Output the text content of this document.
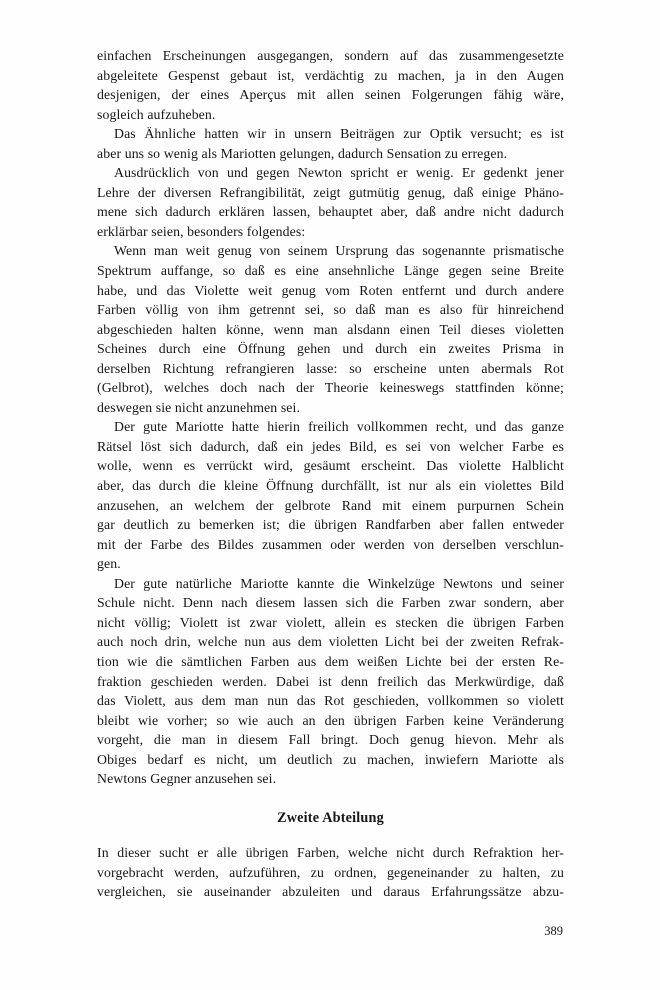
einfachen Erscheinungen ausgegangen, sondern auf das zusammengesetzte
abgeleitete Gespenst gebaut ist, verdächtig zu machen, ja in den Augen
desjenigen, der eines Aperçus mit allen seinen Folgerungen fähig wäre,
sogleich aufzuheben.

Das Ähnliche hatten wir in unsern Beiträgen zur Optik versucht; es ist
aber uns so wenig als Mariotten gelungen, dadurch Sensation zu erregen.

Ausdrücklich von und gegen Newton spricht er wenig. Er gedenkt jener
Lehre der diversen Refrangibilität, zeigt gutmütig genug, daß einige Phäno-
mene sich dadurch erklären lassen, behauptet aber, daß andre nicht dadurch
erklärbar seien, besonders folgendes:

Wenn man weit genug von seinem Ursprung das sogenannte prismatische
Spektrum auffange, so daß es eine ansehnliche Länge gegen seine Breite
habe, und das Violette weit genug vom Roten entfernt und durch andere
Farben völlig von ihm getrennt sei, so daß man es also für hinreichend
abgeschieden halten könne, wenn man alsdann einen Teil dieses violetten
Scheines durch eine Öffnung gehen und durch ein zweites Prisma in
derselben Richtung refrangieren lasse: so erscheine unten abermals Rot
(Gelbrot), welches doch nach der Theorie keineswegs stattfinden könne;
deswegen sie nicht anzunehmen sei.

Der gute Mariotte hatte hierin freilich vollkommen recht, und das ganze
Rätsel löst sich dadurch, daß ein jedes Bild, es sei von welcher Farbe es
wolle, wenn es verrückt wird, gesäumt erscheint. Das violette Halblicht
aber, das durch die kleine Öffnung durchfällt, ist nur als ein violettes Bild
anzusehen, an welchem der gelbrote Rand mit einem purpurnen Schein
gar deutlich zu bemerken ist; die übrigen Randfarben aber fallen entweder
mit der Farbe des Bildes zusammen oder werden von derselben verschlun-
gen.

Der gute natürliche Mariotte kannte die Winkelzüge Newtons und seiner
Schule nicht. Denn nach diesem lassen sich die Farben zwar sondern, aber
nicht völlig; Violett ist zwar violett, allein es stecken die übrigen Farben
auch noch drin, welche nun aus dem violetten Licht bei der zweiten Refrak-
tion wie die sämtlichen Farben aus dem weißen Lichte bei der ersten Re-
fraktion geschieden werden. Dabei ist denn freilich das Merkwürdige, daß
das Violett, aus dem man nun das Rot geschieden, vollkommen so violett
bleibt wie vorher; so wie auch an den übrigen Farben keine Veränderung
vorgeht, die man in diesem Fall bringt. Doch genug hievon. Mehr als
Obiges bedarf es nicht, um deutlich zu machen, inwiefern Mariotte als
Newtons Gegner anzusehen sei.

Zweite Abteilung

In dieser sucht er alle übrigen Farben, welche nicht durch Refraktion her-
vorgebracht werden, aufzuführen, zu ordnen, gegeneinander zu halten, zu
vergleichen, sie auseinander abzuleiten und daraus Erfahrungssätze abzu-

389
